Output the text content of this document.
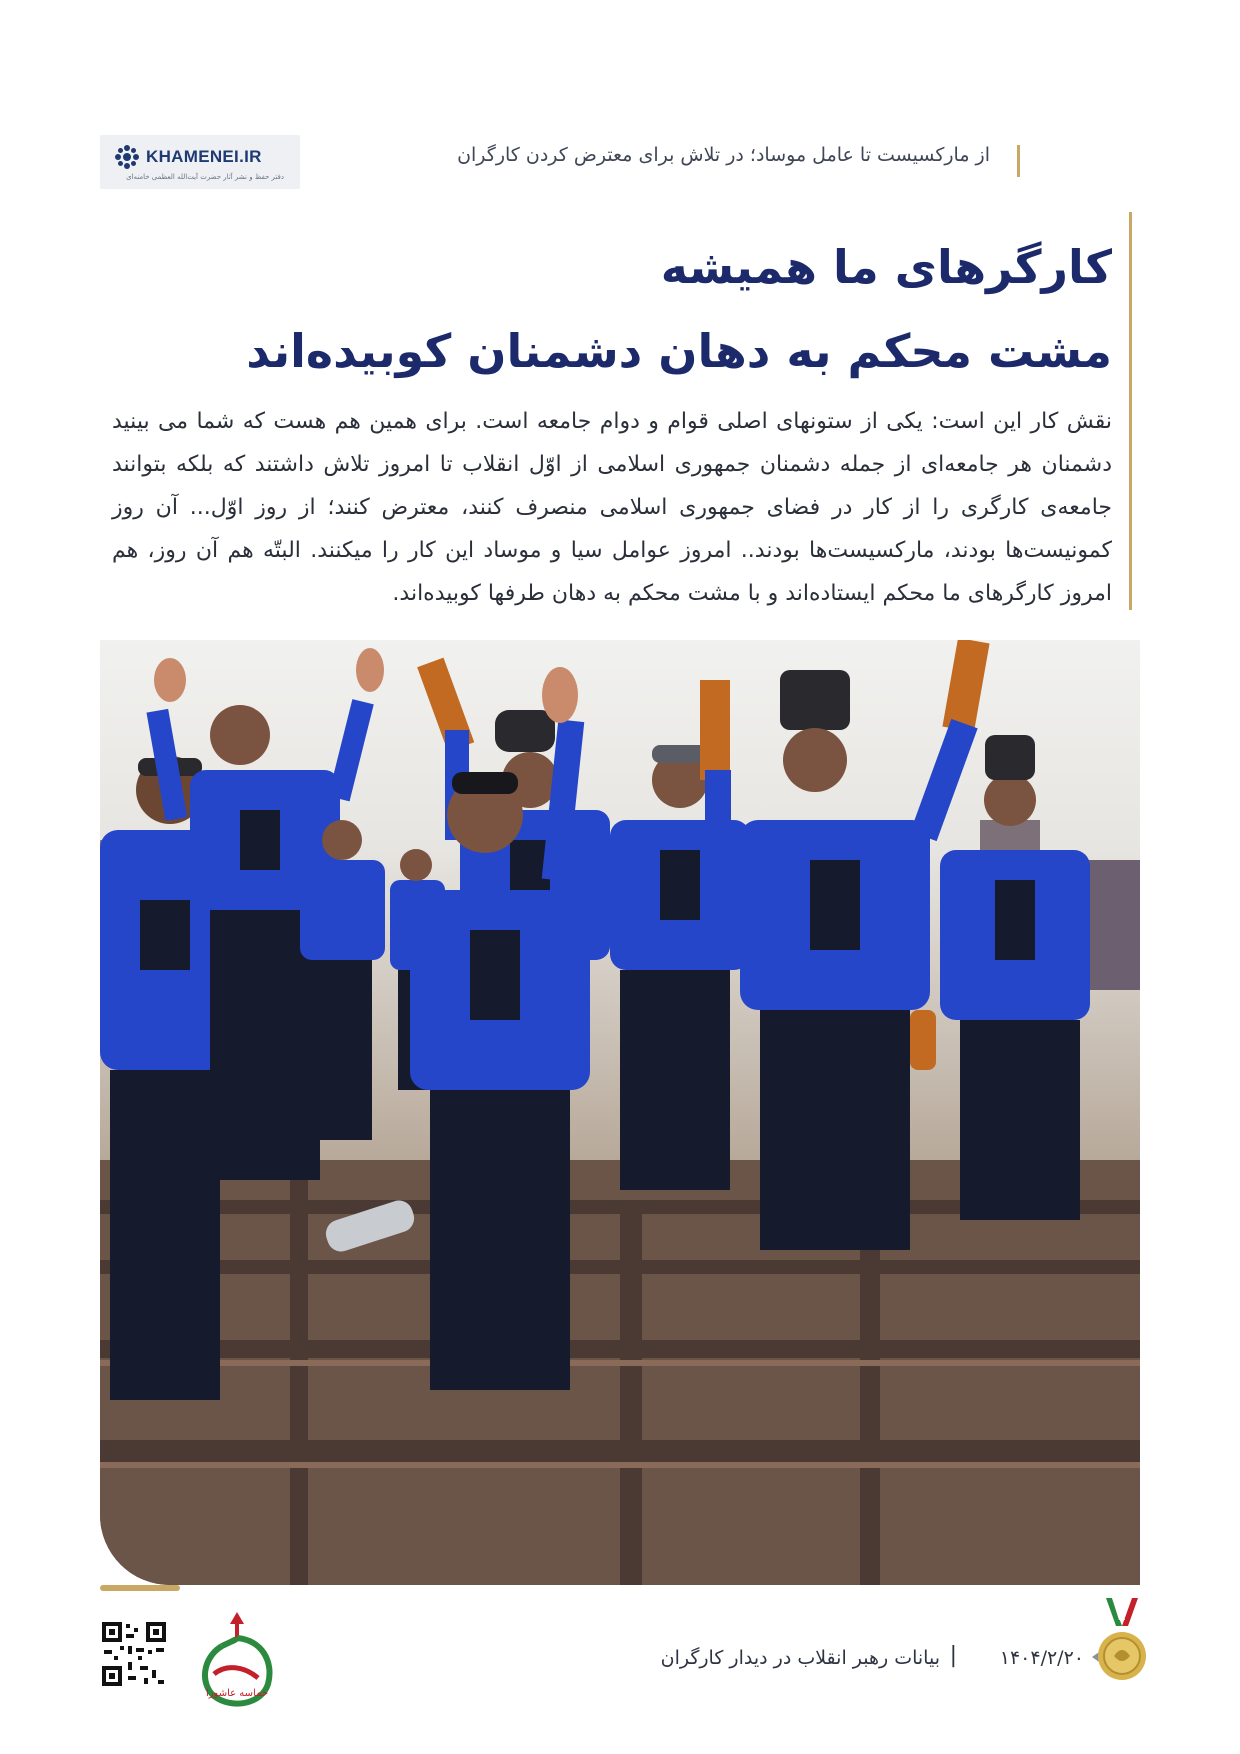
KHAMENEI.IR
دفتر حفظ و نشر آثار حضرت آیت‌الله العظمی خامنه‌ای
از مارکسیست تا عامل موساد؛ در تلاش برای معترض کردن کارگران
کارگرهای ما همیشه
مشت محکم به دهان دشمنان کوبیده‌اند
نقش کار این است: یکی از ستونهای اصلی قوام و دوام جامعه است. برای همین هم هست که شما می بینید دشمنان هر جامعه‌ای از جمله دشمنان جمهوری اسلامی از اوّل انقلاب تا امروز تلاش داشتند که بلکه بتوانند جامعه‌ی کارگری را از کار در فضای جمهوری اسلامی منصرف کنند، معترض کنند؛ از روز اوّل... آن روز کمونیست‌ها بودند، مارکسیست‌ها بودند.. امروز عوامل سیا و موساد این کار را میکنند. البتّه هم آن روز، هم امروز کارگرهای ما محکم ایستاده‌اند و با مشت محکم به دهان طرفها کوبیده‌اند.
حماسه عاشورا
بیانات رهبر انقلاب در دیدار کارگران | ۱۴۰۴/۲/۲۰
